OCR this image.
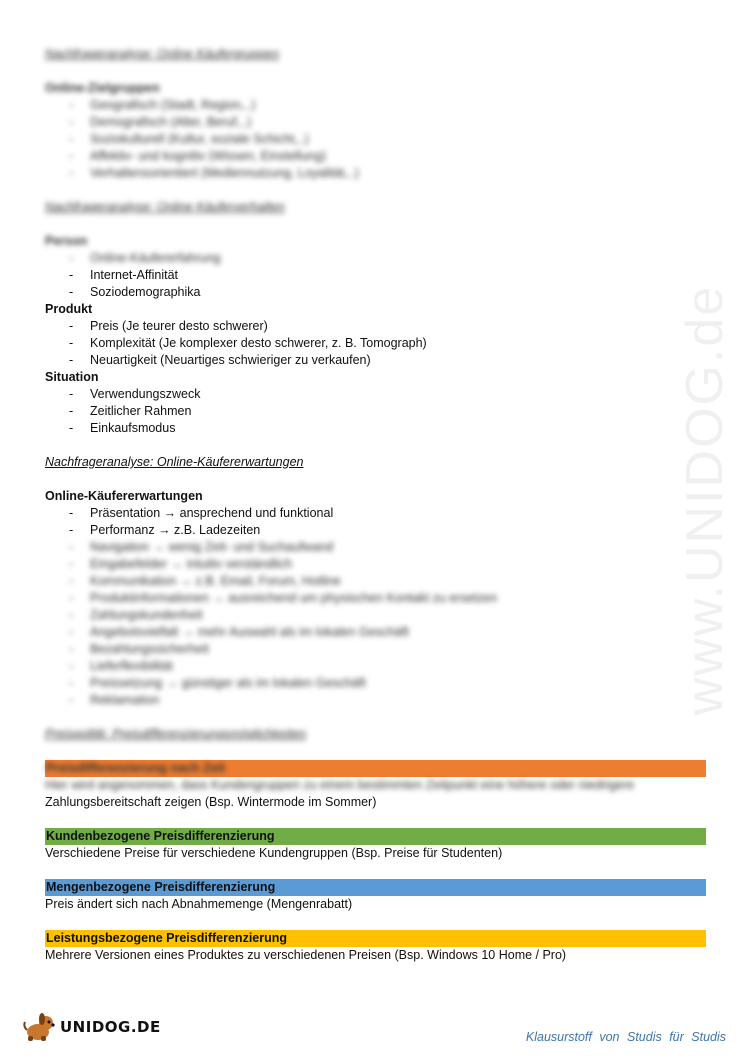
www.UNIDOG.de

Nachfrageranalyse: Online Käufergruppen

Online-Zielgruppen
- Geografisch (Stadt, Region,..)
- Demografisch (Alter, Beruf,..)
- Soziokulturell (Kultur, soziale Schicht,..)
- Affektiv- und kognitiv (Wissen, Einstellung)
- Verhaltensorientiert (Mediennutzung, Loyalität,..)

Nachfrageranalyse: Online Käuferverhalten

Person
- Online-Käufererfahrung
- Internet-Affinität
- Soziodemographika
Produkt
- Preis (Je teurer desto schwerer)
- Komplexität (Je komplexer desto schwerer, z. B. Tomograph)
- Neuartigkeit (Neuartiges schwieriger zu verkaufen)
Situation
- Verwendungszweck
- Zeitlicher Rahmen
- Einkaufsmodus

Nachfrageranalyse: Online-Käufererwartungen

Online-Käufererwartungen
- Präsentation → ansprechend und funktional
- Performanz → z.B. Ladezeiten
- Navigation → wenig Zeit- und Suchaufwand
- Eingabefelder → intuitiv verständlich
- Kommunikation → z.B. Email, Forum, Hotline
- Produktinformationen → ausreichend um physischen Kontakt zu ersetzen
- Zahlungskundenheit
- Angebotsvielfalt → mehr Auswahl als im lokalen Geschäft
- Bezahlungssicherheit
- Lieferflexibilität
- Preissetzung → günstiger als im lokalen Geschäft
- Reklamation

Preispolitik: Preisdifferenzierungsmöglichkeiten

Preisdifferenzierung nach Zeit
Hier wird angenommen, dass Kundengruppen zu einem bestimmten Zeitpunkt eine höhere oder niedrigere
Zahlungsbereitschaft zeigen (Bsp. Wintermode im Sommer)
Kundenbezogene Preisdifferenzierung
Verschiedene Preise für verschiedene Kundengruppen (Bsp. Preise für Studenten)
Mengenbezogene Preisdifferenzierung
Preis ändert sich nach Abnahmemenge (Mengenrabatt)
Leistungsbezogene Preisdifferenzierung
Mehrere Versionen eines Produktes zu verschiedenen Preisen (Bsp. Windows 10 Home / Pro)
UNIDOG.DE
Klausurstoff von Studis für Studis
